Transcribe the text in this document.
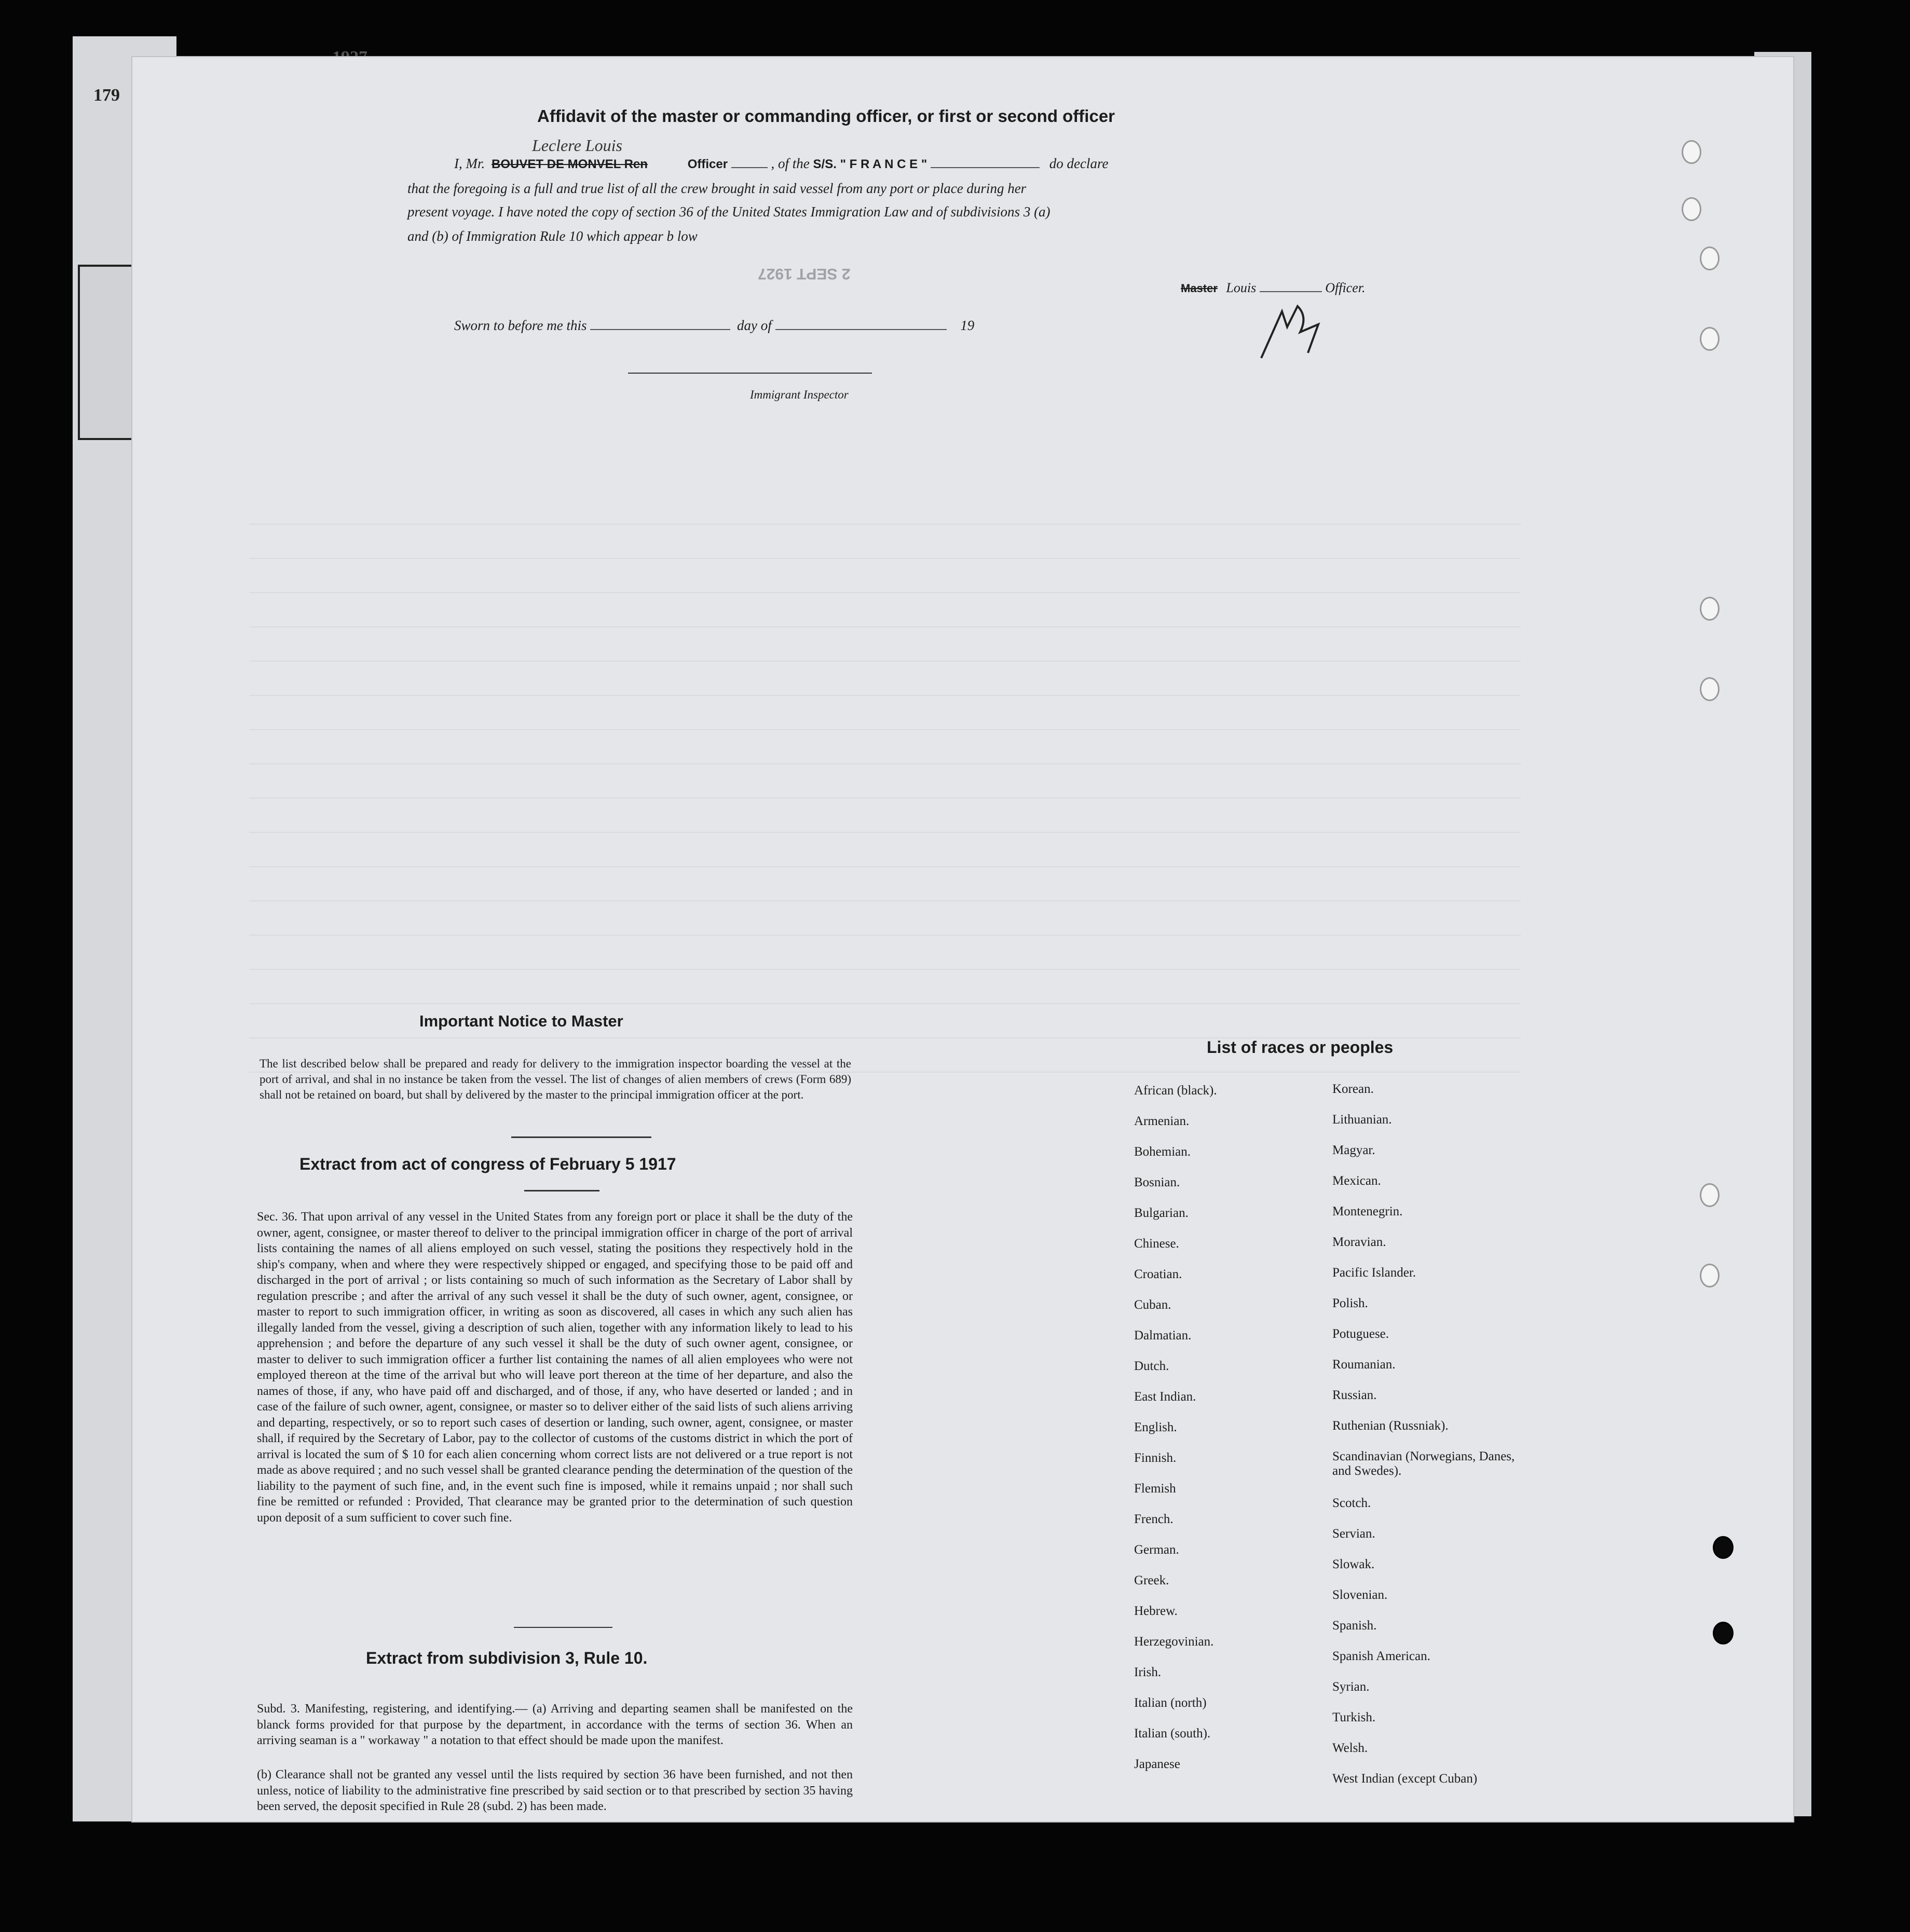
179
Affidavit of the master or commanding officer, or first or second officer
I, Mr. BOUVET DE MONVEL Ren	Officer	, of the S/S. " F R A N C E "	do declare
Leclere Louis
that the foregoing is a full and true list of all the crew brought in said vessel from any port or place during her
present voyage. I have noted the copy of section 36 of the United States Immigration Law and of subdivisions 3 (a)
and (b) of Immigration Rule 10 which appear b low
2 SEPT 1927
Master Louis	Officer.
Sworn to before me this	day of	19
Immigrant Inspector
Important Notice to Master
The list described below shall be prepared and ready for delivery to the immigration inspector boarding the vessel at the port of arrival, and shal in no instance be taken from the vessel. The list of changes of alien members of crews (Form 689) shall not be retained on board, but shall by delivered by the master to the principal immigration officer at the port.
Extract from act of congress of February 5 1917
Sec. 36. That upon arrival of any vessel in the United States from any foreign port or place it shall be the duty of the owner, agent, consignee, or master thereof to deliver to the principal immigration officer in charge of the port of arrival lists containing the names of all aliens employed on such vessel, stating the positions they respectively hold in the ship's company, when and where they were respectively shipped or engaged, and specifying those to be paid off and discharged in the port of arrival ; or lists containing so much of such information as the Secretary of Labor shall by regulation prescribe ; and after the arrival of any such vessel it shall be the duty of such owner, agent, consignee, or master to report to such immigration officer, in writing as soon as discovered, all cases in which any such alien has illegally landed from the vessel, giving a description of such alien, together with any information likely to lead to his apprehension ; and before the departure of any such vessel it shall be the duty of such owner agent, consignee, or master to deliver to such immigration officer a further list containing the names of all alien employees who were not employed thereon at the time of the arrival but who will leave port thereon at the time of her departure, and also the names of those, if any, who have paid off and discharged, and of those, if any, who have deserted or landed ; and in case of the failure of such owner, agent, consignee, or master so to deliver either of the said lists of such aliens arriving and departing, respectively, or so to report such cases of desertion or landing, such owner, agent, consignee, or master shall, if required by the Secretary of Labor, pay to the collector of customs of the customs district in which the port of arrival is located the sum of $ 10 for each alien concerning whom correct lists are not delivered or a true report is not made as above required ; and no such vessel shall be granted clearance pending the determination of the question of the liability to the payment of such fine, and, in the event such fine is imposed, while it remains unpaid ; nor shall such fine be remitted or refunded : Provided, That clearance may be granted prior to the determination of such question upon deposit of a sum sufficient to cover such fine.
Extract from subdivision 3, Rule 10.
Subd. 3. Manifesting, registering, and identifying.— (a) Arriving and departing seamen shall be manifested on the blanck forms provided for that purpose by the department, in accordance with the terms of section 36. When an arriving seaman is a " workaway " a notation to that effect should be made upon the manifest.
(b) Clearance shall not be granted any vessel until the lists required by section 36 have been furnished, and not then unless, notice of liability to the administrative fine prescribed by said section or to that prescribed by section 35 having been served, the deposit specified in Rule 28 (subd. 2) has been made.
List of races or peoples
African (black).
Armenian.
Bohemian.
Bosnian.
Bulgarian.
Chinese.
Croatian.
Cuban.
Dalmatian.
Dutch.
East Indian.
English.
Finnish.
Flemish
French.
German.
Greek.
Hebrew.
Herzegovinian.
Irish.
Italian (north)
Italian (south).
Japanese
Korean.
Lithuanian.
Magyar.
Mexican.
Montenegrin.
Moravian.
Pacific Islander.
Polish.
Potuguese.
Roumanian.
Russian.
Ruthenian (Russniak).
Scandinavian (Norwegians, Danes, and Swedes).
Scotch.
Servian.
Slowak.
Slovenian.
Spanish.
Spanish American.
Syrian.
Turkish.
Welsh.
West Indian (except Cuban)
